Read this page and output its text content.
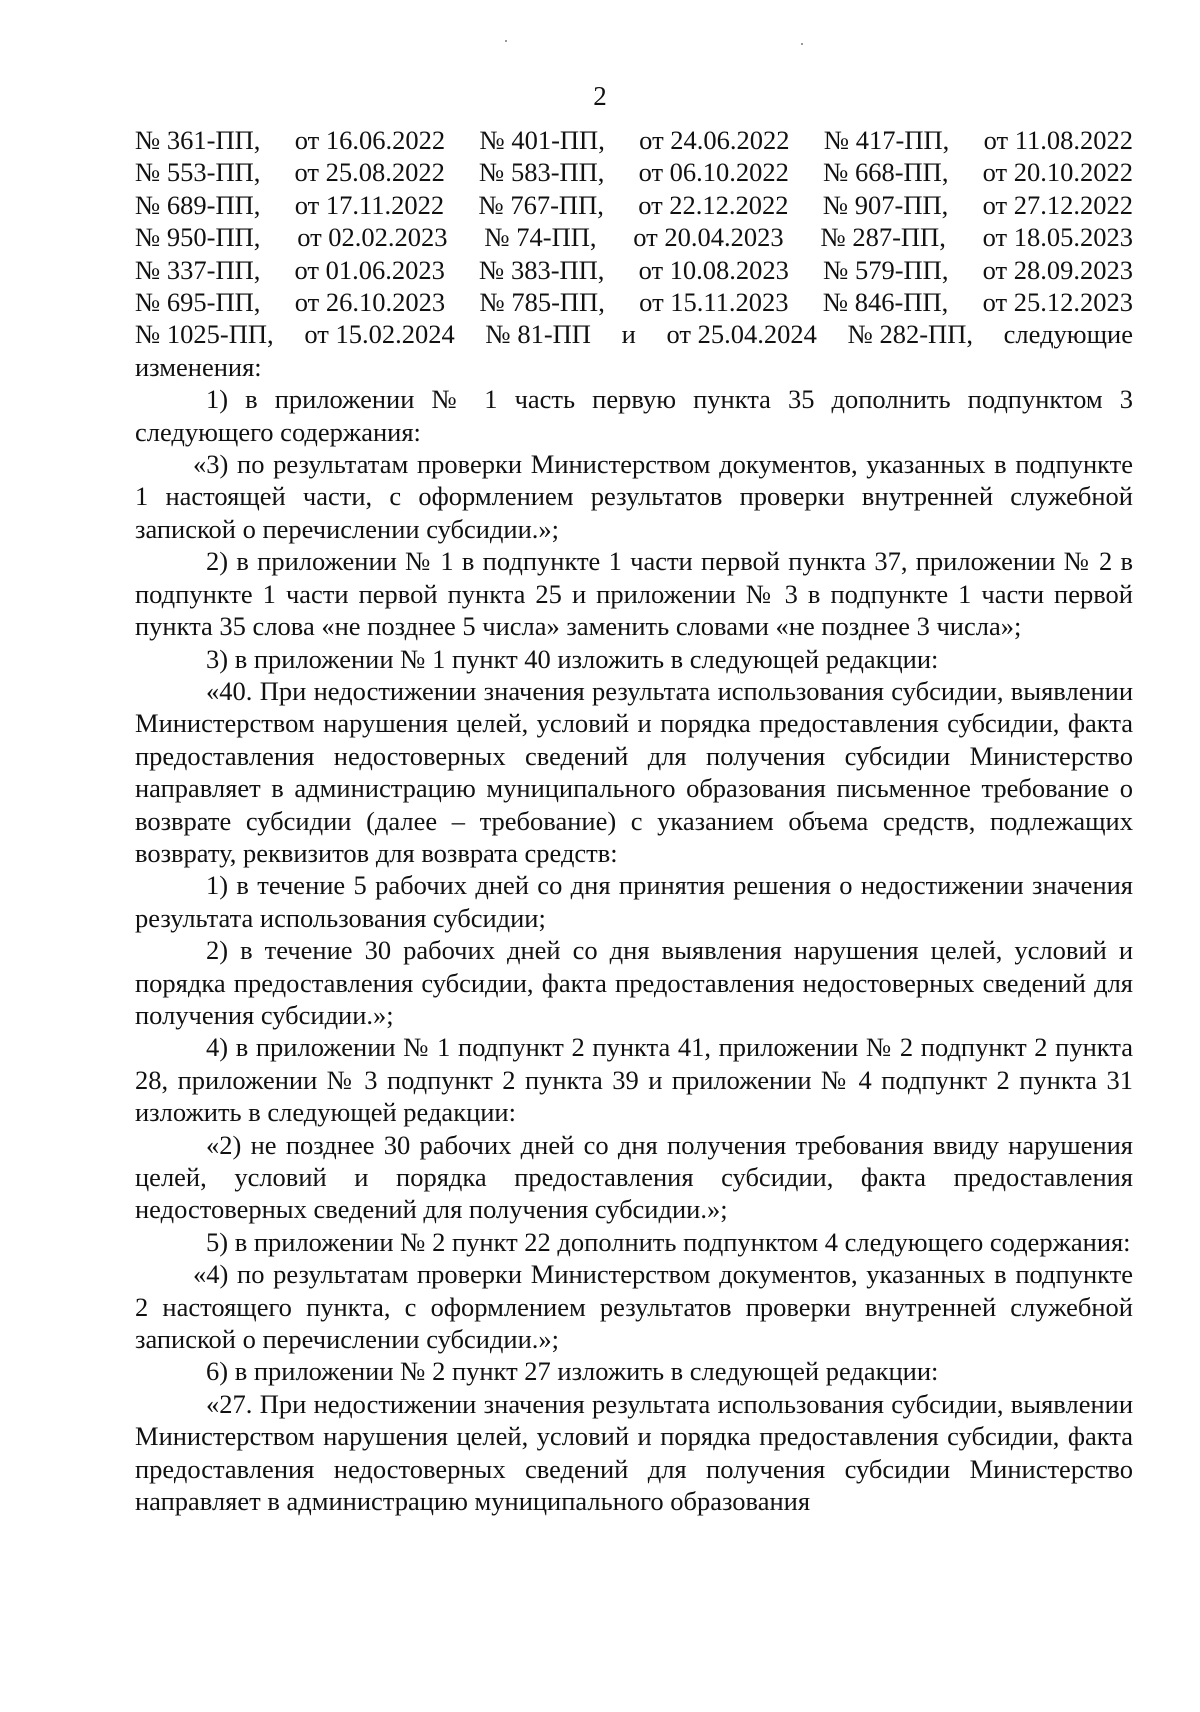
2
№ 361-ПП, от 16.06.2022 № 401-ПП, от 24.06.2022 № 417-ПП, от 11.08.2022
№ 553-ПП, от 25.08.2022 № 583-ПП, от 06.10.2022 № 668-ПП, от 20.10.2022
№ 689-ПП, от 17.11.2022 № 767-ПП, от 22.12.2022 № 907-ПП, от 27.12.2022
№ 950-ПП, от 02.02.2023 № 74-ПП, от 20.04.2023 № 287-ПП, от 18.05.2023
№ 337-ПП, от 01.06.2023 № 383-ПП, от 10.08.2023 № 579-ПП, от 28.09.2023
№ 695-ПП, от 26.10.2023 № 785-ПП, от 15.11.2023 № 846-ПП, от 25.12.2023
№ 1025-ПП, от 15.02.2024 № 81-ПП и от 25.04.2024 № 282-ПП, следующие

изменения:

1) в приложении № 1 часть первую пункта 35 дополнить подпунктом 3 следующего содержания:

«3) по результатам проверки Министерством документов, указанных в подпункте 1 настоящей части, с оформлением результатов проверки внутренней служебной запиской о перечислении субсидии.»;

2) в приложении № 1 в подпункте 1 части первой пункта 37, приложении № 2 в подпункте 1 части первой пункта 25 и приложении № 3 в подпункте 1 части первой пункта 35 слова «не позднее 5 числа» заменить словами «не позднее 3 числа»;

3) в приложении № 1 пункт 40 изложить в следующей редакции:

«40. При недостижении значения результата использования субсидии, выявлении Министерством нарушения целей, условий и порядка предоставления субсидии, факта предоставления недостоверных сведений для получения субсидии Министерство направляет в администрацию муниципального образования письменное требование о возврате субсидии (далее – требование) с указанием объема средств, подлежащих возврату, реквизитов для возврата средств:

1) в течение 5 рабочих дней со дня принятия решения о недостижении значения результата использования субсидии;

2) в течение 30 рабочих дней со дня выявления нарушения целей, условий и порядка предоставления субсидии, факта предоставления недостоверных сведений для получения субсидии.»;

4) в приложении № 1 подпункт 2 пункта 41, приложении № 2 подпункт 2 пункта 28, приложении № 3 подпункт 2 пункта 39 и приложении № 4 подпункт 2 пункта 31 изложить в следующей редакции:

«2) не позднее 30 рабочих дней со дня получения требования ввиду нарушения целей, условий и порядка предоставления субсидии, факта предоставления недостоверных сведений для получения субсидии.»;

5) в приложении № 2 пункт 22 дополнить подпунктом 4 следующего содержания:

«4) по результатам проверки Министерством документов, указанных в подпункте 2 настоящего пункта, с оформлением результатов проверки внутренней служебной запиской о перечислении субсидии.»;

6) в приложении № 2 пункт 27 изложить в следующей редакции:

«27. При недостижении значения результата использования субсидии, выявлении Министерством нарушения целей, условий и порядка предоставления субсидии, факта предоставления недостоверных сведений для получения субсидии Министерство направляет в администрацию муниципального образования
